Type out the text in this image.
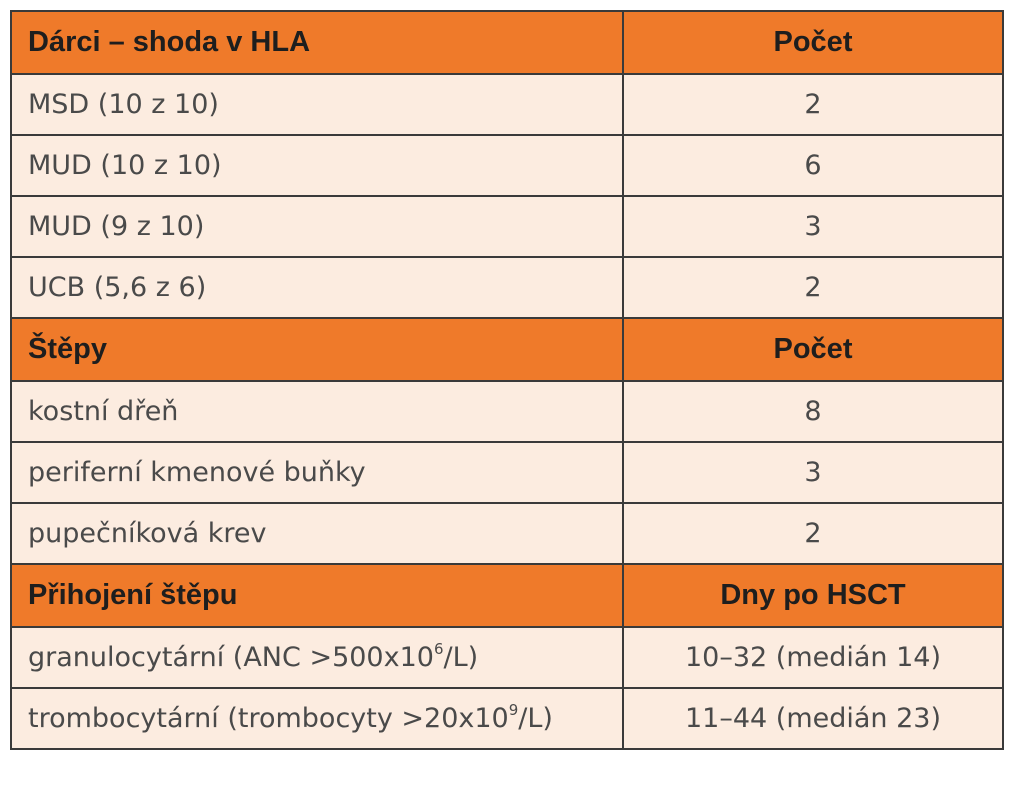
Dárci – shoda v HLA	Počet
MSD (10 z 10)	2
MUD (10 z 10)	6
MUD (9 z 10)	3
UCB (5,6 z 6)	2
Štěpy	Počet
kostní dřeň	8
periferní kmenové buňky	3
pupečníková krev	2
Přihojení štěpu	Dny po HSCT
granulocytární $(ANC >500x10^6/L)$	10–32 (medián 14)
trombocytární (trombocyty $>20x10^9/L$)	11–44 (medián 23)
